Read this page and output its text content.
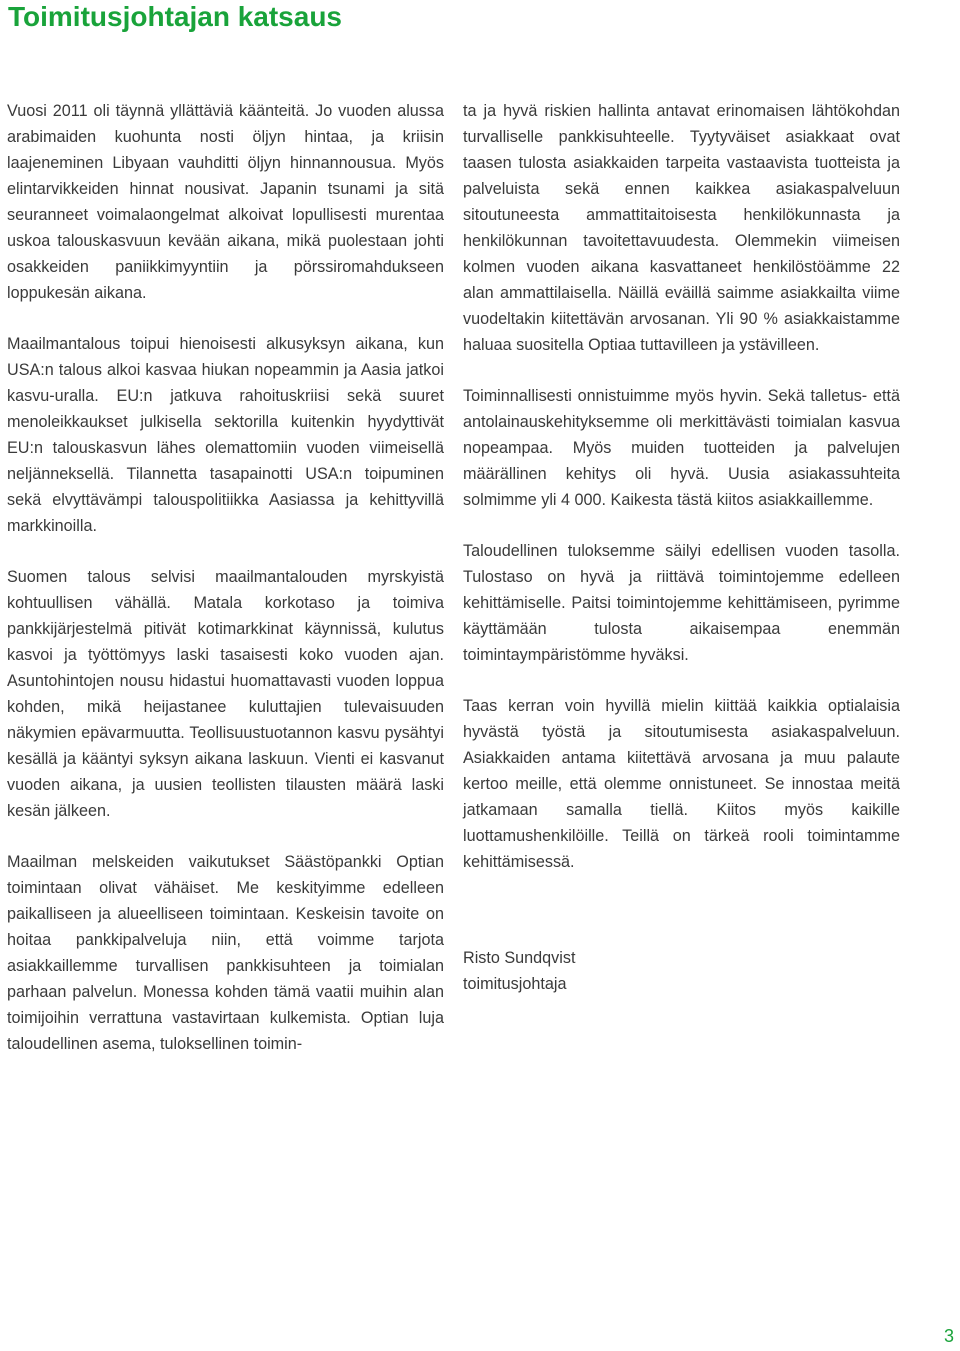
Toimitusjohtajan katsaus

Vuosi 2011 oli täynnä yllättäviä käänteitä. Jo vuoden alussa arabimaiden kuohunta nosti öljyn hintaa, ja kriisin laajeneminen Libyaan vauhditti öljyn hinnannousua. Myös elintarvikkeiden hinnat nousivat. Japanin tsunami ja sitä seuranneet voimalaongelmat alkoivat lopullisesti murentaa uskoa talouskasvuun kevään aikana, mikä puolestaan johti osakkeiden paniikkimyyntiin ja pörssiromahdukseen loppukesän aikana.

Maailmantalous toipui hienoisesti alkusyksyn aikana, kun USA:n talous alkoi kasvaa hiukan nopeammin ja Aasia jatkoi kasvu-uralla. EU:n jatkuva rahoituskriisi sekä suuret menoleikkaukset julkisella sektorilla kuitenkin hyydyttivät EU:n talouskasvun lähes olemattomiin vuoden viimeisellä neljänneksellä. Tilannetta tasapainotti USA:n toipuminen sekä elvyttävämpi talouspolitiikka Aasiassa ja kehittyvillä markkinoilla.

Suomen talous selvisi maailmantalouden myrskyistä kohtuullisen vähällä. Matala korkotaso ja toimiva pankkijärjestelmä pitivät kotimarkkinat käynnissä, kulutus kasvoi ja työttömyys laski tasaisesti koko vuoden ajan. Asuntohintojen nousu hidastui huomattavasti vuoden loppua kohden, mikä heijastanee kuluttajien tulevaisuuden näkymien epävarmuutta. Teollisuustuotannon kasvu pysähtyi kesällä ja kääntyi syksyn aikana laskuun. Vienti ei kasvanut vuoden aikana, ja uusien teollisten tilausten määrä laski kesän jälkeen.

Maailman melskeiden vaikutukset Säästöpankki Optian toimintaan olivat vähäiset. Me keskityimme edelleen paikalliseen ja alueelliseen toimintaan. Keskeisin tavoite on hoitaa pankkipalveluja niin, että voimme tarjota asiakkaillemme turvallisen pankkisuhteen ja toimialan parhaan palvelun. Monessa kohden tämä vaatii muihin alan toimijoihin verrattuna vastavirtaan kulkemista. Optian luja taloudellinen asema, tuloksellinen toimin-

ta ja hyvä riskien hallinta antavat erinomaisen lähtökohdan turvalliselle pankkisuhteelle. Tyytyväiset asiakkaat ovat taasen tulosta asiakkaiden tarpeita vastaavista tuotteista ja palveluista sekä ennen kaikkea asiakaspalveluun sitoutuneesta ammattitaitoisesta henkilökunnasta ja henkilökunnan tavoitettavuudesta. Olemmekin viimeisen kolmen vuoden aikana kasvattaneet henkilöstöämme 22 alan ammattilaisella. Näillä eväillä saimme asiakkailta viime vuodeltakin kiitettävän arvosanan. Yli 90 % asiakkaistamme haluaa suositella Optiaa tuttavilleen ja ystävilleen.

Toiminnallisesti onnistuimme myös hyvin. Sekä talletus- että antolainauskehityksemme oli merkittävästi toimialan kasvua nopeampaa. Myös muiden tuotteiden ja palvelujen määrällinen kehitys oli hyvä. Uusia asiakassuhteita solmimme yli 4 000. Kaikesta tästä kiitos asiakkaillemme.

Taloudellinen tuloksemme säilyi edellisen vuoden tasolla. Tulostaso on hyvä ja riittävä toimintojemme edelleen kehittämiselle. Paitsi toimintojemme kehittämiseen, pyrimme käyttämään tulosta aikaisempaa enemmän toimintaympäristömme hyväksi.

Taas kerran voin hyvillä mielin kiittää kaikkia optialaisia hyvästä työstä ja sitoutumisesta asiakaspalveluun. Asiakkaiden antama kiitettävä arvosana ja muu palaute kertoo meille, että olemme onnistuneet. Se innostaa meitä jatkamaan samalla tiellä. Kiitos myös kaikille luottamushenkilöille. Teillä on tärkeä rooli toimintamme kehittämisessä.

Risto Sundqvist
toimitusjohtaja
3
